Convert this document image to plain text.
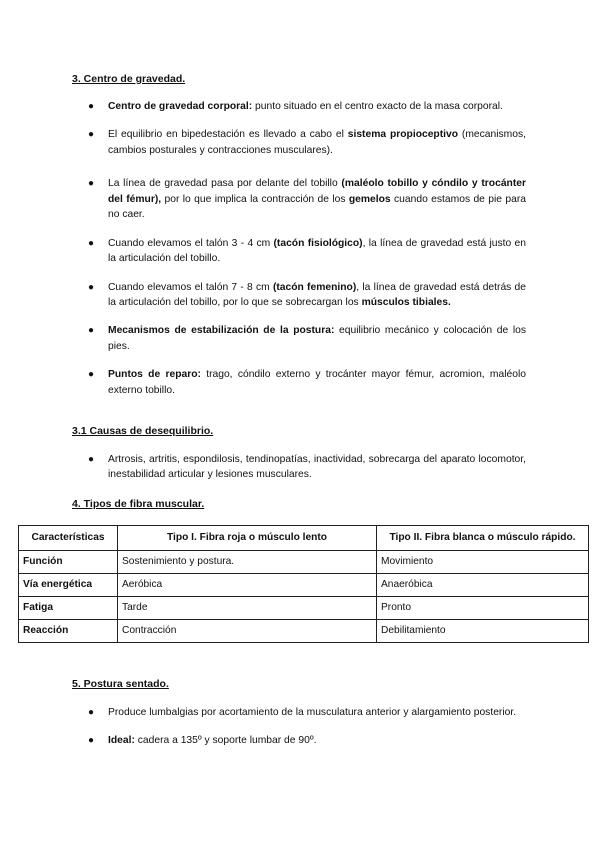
3. Centro de gravedad.
● Centro de gravedad corporal: punto situado en el centro exacto de la masa corporal.
● El equilibrio en bipedestación es llevado a cabo el sistema propioceptivo (mecanismos, cambios posturales y contracciones musculares).
● La línea de gravedad pasa por delante del tobillo (maléolo tobillo y cóndilo y trocánter del fémur), por lo que implica la contracción de los gemelos cuando estamos de pie para no caer.
● Cuando elevamos el talón 3 - 4 cm (tacón fisiológico), la línea de gravedad está justo en la articulación del tobillo.
● Cuando elevamos el talón 7 - 8 cm (tacón femenino), la línea de gravedad está detrás de la articulación del tobillo, por lo que se sobrecargan los músculos tibiales.
● Mecanismos de estabilización de la postura: equilibrio mecánico y colocación de los pies.
● Puntos de reparo: trago, cóndilo externo y trocánter mayor fémur, acromion, maléolo externo tobillo.
3.1 Causas de desequilibrio.
● Artrosis, artritis, espondilosis, tendinopatías, inactividad, sobrecarga del aparato locomotor, inestabilidad articular y lesiones musculares.
4. Tipos de fibra muscular.
Características	Tipo I. Fibra roja o músculo lento	Tipo II. Fibra blanca o músculo rápido.
Función	Sostenimiento y postura.	Movimiento
Vía energética	Aeróbica	Anaeróbica
Fatiga	Tarde	Pronto
Reacción	Contracción	Debilitamiento
5. Postura sentado.
● Produce lumbalgias por acortamiento de la musculatura anterior y alargamiento posterior.
● Ideal: cadera a 135º y soporte lumbar de 90º.
